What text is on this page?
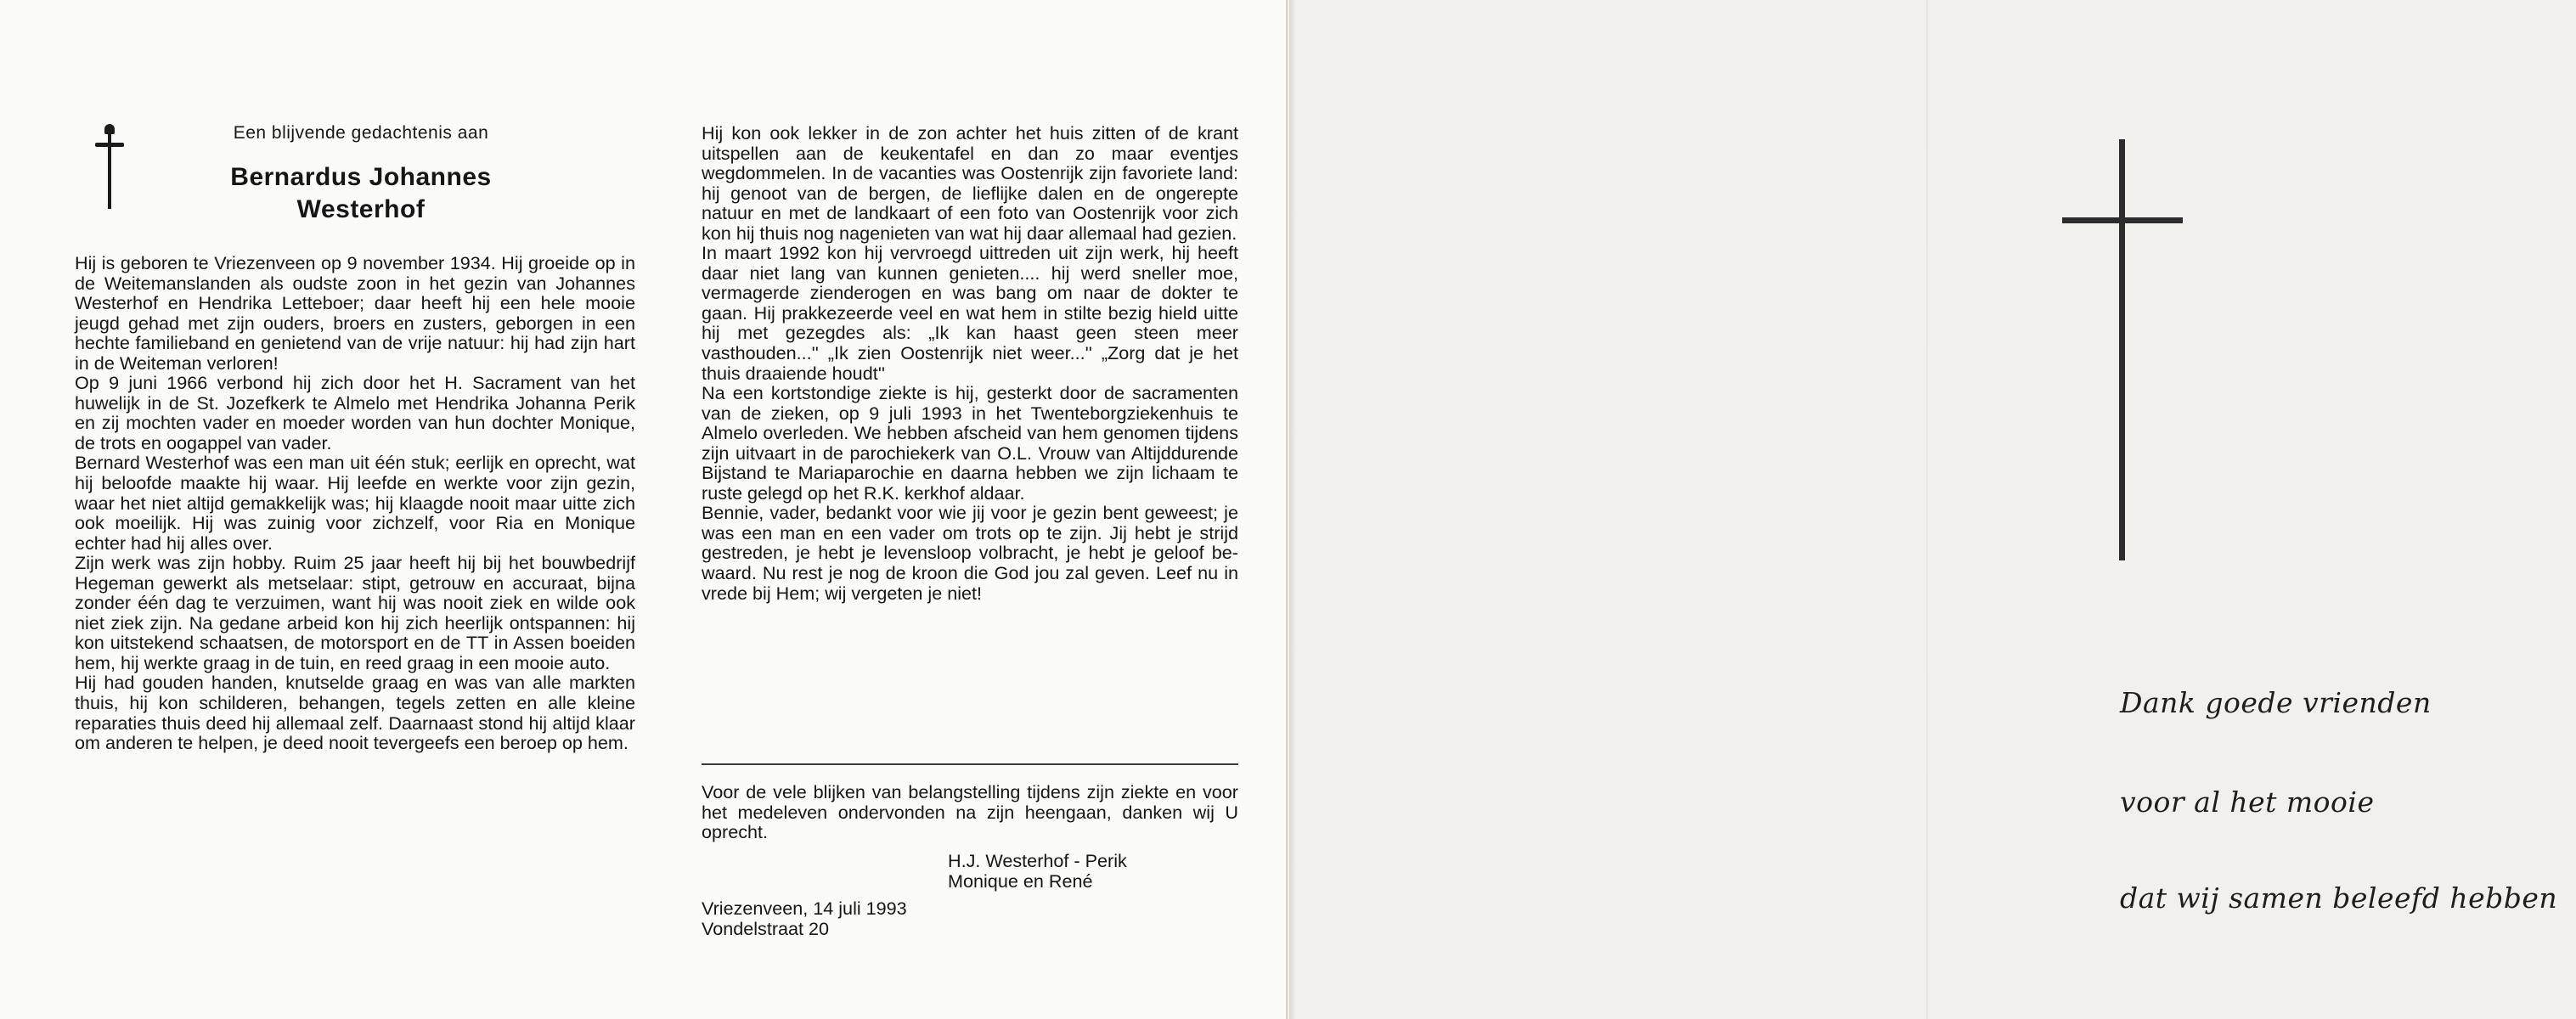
Een blijvende gedachtenis aan
Bernardus Johannes
Westerhof

Hij is geboren te Vriezenveen op 9 november 1934. Hij groeide op in de Weitemanslanden als oudste zoon in het gezin van Johannes Westerhof en Hendrika Letteboer; daar heeft hij een hele mooie jeugd gehad met zijn ouders, broers en zusters, geborgen in een hechte familieband en genietend van de vrije natuur: hij had zijn hart in de Weiteman verloren!

Op 9 juni 1966 verbond hij zich door het H. Sacrament van het huwelijk in de St. Jozefkerk te Almelo met Hendrika Johanna Perik en zij mochten vader en moeder worden van hun dochter Monique, de trots en oogappel van vader.

Bernard Westerhof was een man uit één stuk; eerlijk en oprecht, wat hij beloofde maakte hij waar. Hij leefde en werkte voor zijn gezin, waar het niet altijd gemakkelijk was; hij klaagde nooit maar uitte zich ook moeilijk. Hij was zuinig voor zichzelf, voor Ria en Monique echter had hij alles over.

Zijn werk was zijn hobby. Ruim 25 jaar heeft hij bij het bouwbedrijf Hegeman gewerkt als metselaar: stipt, getrouw en accuraat, bijna zonder één dag te verzuimen, want hij was nooit ziek en wilde ook niet ziek zijn. Na gedane arbeid kon hij zich heerlijk ontspannen: hij kon uitstekend schaatsen, de motorsport en de TT in Assen boeiden hem, hij werkte graag in de tuin, en reed graag in een mooie auto.

Hij had gouden handen, knutselde graag en was van alle markten thuis, hij kon schilderen, behangen, tegels zetten en alle kleine reparaties thuis deed hij allemaal zelf. Daarnaast stond hij altijd klaar om anderen te helpen, je deed nooit tevergeefs een beroep op hem.

Hij kon ook lekker in de zon achter het huis zitten of de krant uitspellen aan de keukentafel en dan zo maar eventjes wegdommelen. In de vacanties was Oostenrijk zijn favoriete land: hij genoot van de bergen, de lieflijke dalen en de ongerepte natuur en met de landkaart of een foto van Oostenrijk voor zich kon hij thuis nog nagenieten van wat hij daar allemaal had gezien.

In maart 1992 kon hij vervroegd uittreden uit zijn werk, hij heeft daar niet lang van kunnen genieten.... hij werd sneller moe, vermagerde zienderogen en was bang om naar de dokter te gaan. Hij prakkezeerde veel en wat hem in stilte bezig hield uitte hij met gezegdes als: „Ik kan haast geen steen meer vasthouden...'' „Ik zien Oostenrijk niet weer...'' „Zorg dat je het thuis draaiende houdt''

Na een kortstondige ziekte is hij, gesterkt door de sacramenten van de zieken, op 9 juli 1993 in het Twenteborgziekenhuis te Almelo overleden. We hebben afscheid van hem genomen tijdens zijn uitvaart in de parochiekerk van O.L. Vrouw van Altijddurende Bijstand te Mariaparochie en daarna hebben we zijn lichaam te ruste gelegd op het R.K. kerkhof aldaar.

Bennie, vader, bedankt voor wie jij voor je gezin bent geweest; je was een man en een vader om trots op te zijn. Jij hebt je strijd gestreden, je hebt je levensloop volbracht, je hebt je geloof bewaard. Nu rest je nog de kroon die God jou zal geven. Leef nu in vrede bij Hem; wij vergeten je niet!

Voor de vele blijken van belangstelling tijdens zijn ziekte en voor het medeleven ondervonden na zijn heengaan, danken wij U oprecht.
H.J. Westerhof - Perik
Monique en René
Vriezenveen, 14 juli 1993
Vondelstraat 20
Dank goede vrienden
voor al het mooie
dat wij samen beleefd hebben
